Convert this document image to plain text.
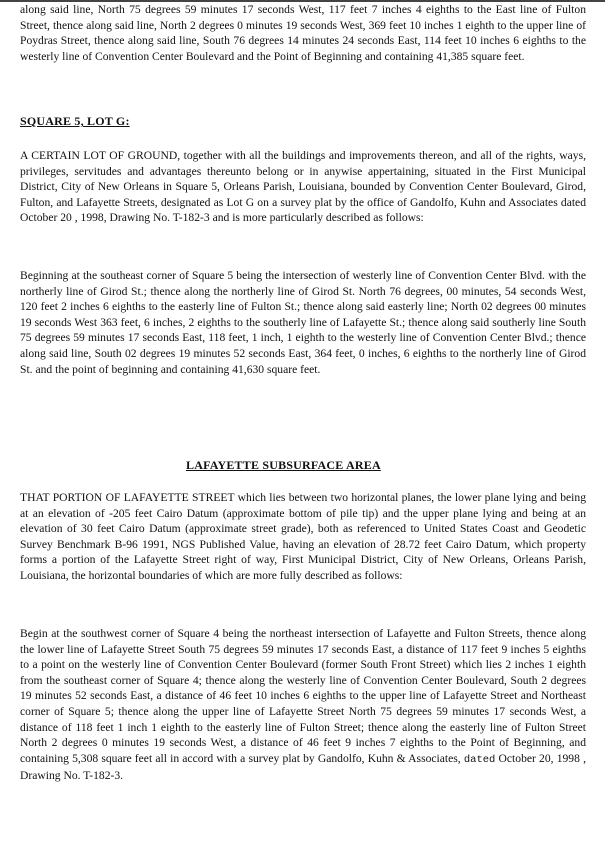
along said line, North 75 degrees 59 minutes 17 seconds West, 117 feet 7 inches 4 eighths to the East line of Fulton Street, thence along said line, North 2 degrees 0 minutes 19 seconds West, 369 feet 10 inches 1 eighth to the upper line of Poydras Street, thence along said line, South 76 degrees 14 minutes 24 seconds East, 114 feet 10 inches 6 eighths to the westerly line of Convention Center Boulevard and the Point of Beginning and containing 41,385 square feet.

SQUARE 5, LOT G:

A CERTAIN LOT OF GROUND, together with all the buildings and improvements thereon, and all of the rights, ways, privileges, servitudes and advantages thereunto belong or in anywise appertaining, situated in the First Municipal District, City of New Orleans in Square 5, Orleans Parish, Louisiana, bounded by Convention Center Boulevard, Girod, Fulton, and Lafayette Streets, designated as Lot G on a survey plat by the office of Gandolfo, Kuhn and Associates dated October 20 , 1998, Drawing No. T-182-3 and is more particularly described as follows:

Beginning at the southeast corner of Square 5 being the intersection of westerly line of Convention Center Blvd. with the northerly line of Girod St.; thence along the northerly line of Girod St. North 76 degrees, 00 minutes, 54 seconds West, 120 feet 2 inches 6 eighths to the easterly line of Fulton St.; thence along said easterly line; North 02 degrees 00 minutes 19 seconds West 363 feet, 6 inches, 2 eighths to the southerly line of Lafayette St.; thence along said southerly line South 75 degrees 59 minutes 17 seconds East, 118 feet, 1 inch, 1 eighth to the westerly line of Convention Center Blvd.; thence along said line, South 02 degrees 19 minutes 52 seconds East, 364 feet, 0 inches, 6 eighths to the northerly line of Girod St. and the point of beginning and containing 41,630 square feet.

LAFAYETTE SUBSURFACE AREA

THAT PORTION OF LAFAYETTE STREET which lies between two horizontal planes, the lower plane lying and being at an elevation of -205 feet Cairo Datum (approximate bottom of pile tip) and the upper plane lying and being at an elevation of 30 feet Cairo Datum (approximate street grade), both as referenced to United States Coast and Geodetic Survey Benchmark B-96 1991, NGS Published Value, having an elevation of 28.72 feet Cairo Datum, which property forms a portion of the Lafayette Street right of way, First Municipal District, City of New Orleans, Orleans Parish, Louisiana, the horizontal boundaries of which are more fully described as follows:

Begin at the southwest corner of Square 4 being the northeast intersection of Lafayette and Fulton Streets, thence along the lower line of Lafayette Street South 75 degrees 59 minutes 17 seconds East, a distance of 117 feet 9 inches 5 eighths to a point on the westerly line of Convention Center Boulevard (former South Front Street) which lies 2 inches 1 eighth from the southeast corner of Square 4; thence along the westerly line of Convention Center Boulevard, South 2 degrees 19 minutes 52 seconds East, a distance of 46 feet 10 inches 6 eighths to the upper line of Lafayette Street and Northeast corner of Square 5; thence along the upper line of Lafayette Street North 75 degrees 59 minutes 17 seconds West, a distance of 118 feet 1 inch 1 eighth to the easterly line of Fulton Street; thence along the easterly line of Fulton Street North 2 degrees 0 minutes 19 seconds West, a distance of 46 feet 9 inches 7 eighths to the Point of Beginning, and containing 5,308 square feet all in accord with a survey plat by Gandolfo, Kuhn & Associates, dated October 20, 1998 , Drawing No. T-182-3.
